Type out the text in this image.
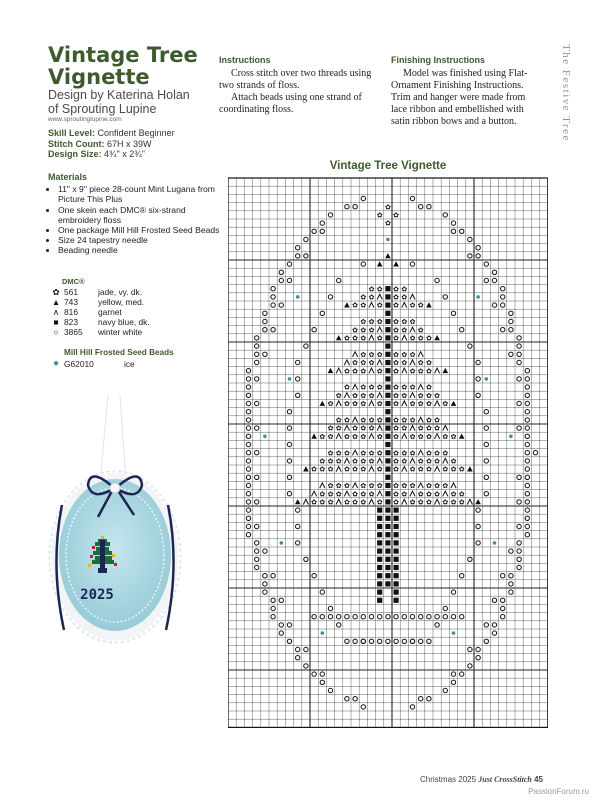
Vintage Tree Vignette
Design by Katerina Holan
of Sprouting Lupine
www.sproutinglupine.com
Skill Level: Confident Beginner
Stitch Count: 67H x 39W
Design Size: 4¾" x 2¾"
Materials
• 11" x 9" piece 28-count Mint Lugana from Picture This Plus
• One skein each DMC® six-strand embroidery floss
• One package Mill Hill Frosted Seed Beads
• Size 24 tapestry needle
• Beading needle
DMC®
✿ 561	jade, vy. dk.
▲ 743	yellow, med.
∧ 816	garnet
■ 823	navy blue, dk.
○ 3865	winter white
Mill Hill Frosted Seed Beads
● G62010	ice
Instructions

Cross stitch over two threads using two strands of floss.

Attach beads using one strand of coordinating floss.

Finishing Instructions

Model was finished using Flat-Ornament Finishing Instructions. Trim and hanger were made from lace ribbon and embellished with satin ribbon bows and a button.	The Festive Tree
Vintage Tree Vignette
✿
✿ ✿
✿
✿ ✿ ✿ ✿
✿ ✿	✿ ✿
✿ ✿ ✿ ✿ ✿ ✿
✿ ✿ ✿ ✿ ✿ ✿
✿ ✿ ✿	✿ ✿ ✿
✿ ✿ ✿ ✿ ✿ ✿ ✿ ✿
✿ ✿ ✿ ✿ ✿ ✿
✿ ✿ ✿	✿ ✿ ✿ ✿
✿ ✿ ✿ ✿ ✿ ✿ ✿ ✿
✿ ✿ ✿ ✿ ✿ ✿ ✿ ✿
✿ ✿ ✿ ✿	✿ ✿ ✿ ✿ ✿
✿ ✿ ✿ ✿ ✿ ✿ ✿ ✿ ✿ ✿
✿ ✿ ✿ ✿ ✿ ✿ ✿ ✿ ✿ ✿
✿ ✿ ✿ ✿ ✿	✿ ✿ ✿ ✿ ✿
✿ ✿ ✿ ✿ ✿ ✿ ✿ ✿ ✿ ✿ ✿ ✿
✿ ✿ ✿ ✿ ✿ ✿ ✿ ✿ ✿ ✿ ✿ ✿
✿ ✿ ✿ ✿ ✿ ✿	✿ ✿ ✿ ✿ ✿ ✿
✿ ✿ ✿ ✿ ✿ ✿ ✿ ✿ ✿ ✿ ✿ ✿ ✿ ✿
✿ ✿ ✿ ✿ ✿ ✿ ✿ ✿ ✿ ✿ ✿ ✿
✿ ✿ ✿ ✿ ✿ ✿	✿ ✿ ✿ ✿ ✿ ✿ ✿
✿ ✿ ✿ ✿ ✿ ✿ ✿ ✿ ✿ ✿ ✿ ✿ ✿ ✿
2025
Christmas 2025 Just CrossStitch 45
PassionForum.ru
